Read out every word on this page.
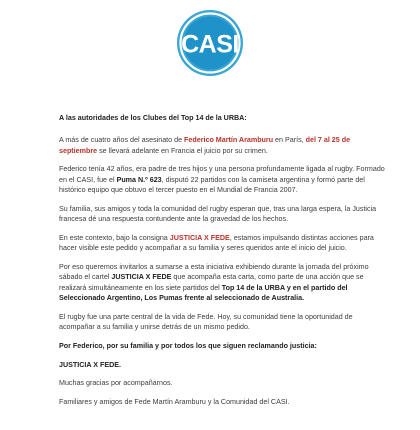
CASI

A las autoridades de los Clubes del Top 14 de la URBA:

A más de cuatro años del asesinato de Federico Martín Aramburu en París, del 7 al 25 de septiembre se llevará adelante en Francia el juicio por su crimen.

Federico tenía 42 años, era padre de tres hijos y una persona profundamente ligada al rugby. Formado en el CASI, fue el Puma N.º 623, disputó 22 partidos con la camiseta argentina y formó parte del histórico equipo que obtuvo el tercer puesto en el Mundial de Francia 2007.

Su familia, sus amigos y toda la comunidad del rugby esperan que, tras una larga espera, la Justicia francesa dé una respuesta contundente ante la gravedad de los hechos.

En este contexto, bajo la consigna JUSTICIA X FEDE, estamos impulsando distintas acciones para hacer visible este pedido y acompañar a su familia y seres queridos ante el inicio del juicio.

Por eso queremos invitarlos a sumarse a esta iniciativa exhibiendo durante la jornada del próximo sábado el cartel JUSTICIA X FEDE que acompaña esta carta, como parte de una acción que se realizará simultáneamente en los siete partidos del Top 14 de la URBA y en el partido del Seleccionado Argentino, Los Pumas frente al seleccionado de Australia.

El rugby fue una parte central de la vida de Fede. Hoy, su comunidad tiene la oportunidad de acompañar a su familia y unirse detrás de un mismo pedido.

Por Federico, por su familia y por todos los que siguen reclamando justicia:

JUSTICIA X FEDE.

Muchas gracias por acompañarnos.

Familiares y amigos de Fede Martín Aramburu y la Comunidad del CASI.
